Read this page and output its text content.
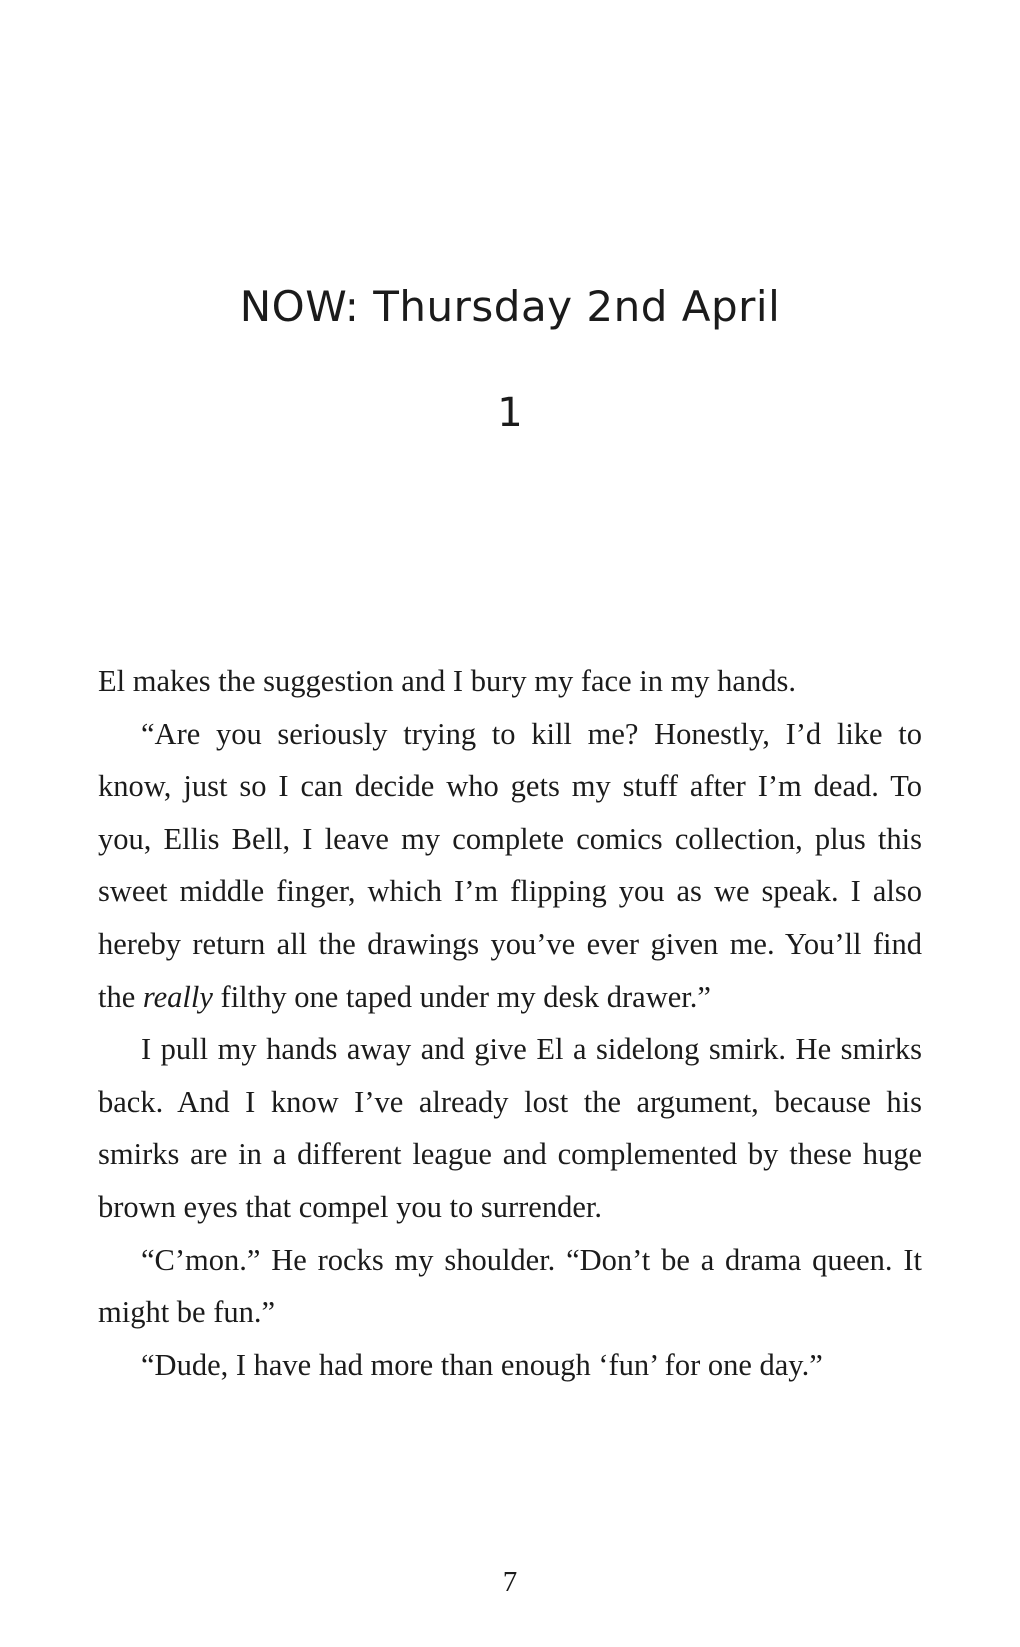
NOW: Thursday 2nd April
1

El makes the suggestion and I bury my face in my hands.

“Are you seriously trying to kill me? Honestly, I’d like to know, just so I can decide who gets my stuff after I’m dead. To you, Ellis Bell, I leave my complete comics collection, plus this sweet middle finger, which I’m flipping you as we speak. I also hereby return all the drawings you’ve ever given me. You’ll find the really filthy one taped under my desk drawer.”

I pull my hands away and give El a sidelong smirk. He smirks back. And I know I’ve already lost the argument, because his smirks are in a different league and complemented by these huge brown eyes that compel you to surrender.

“C’mon.” He rocks my shoulder. “Don’t be a drama queen. It might be fun.”

“Dude, I have had more than enough ‘fun’ for one day.”

7
